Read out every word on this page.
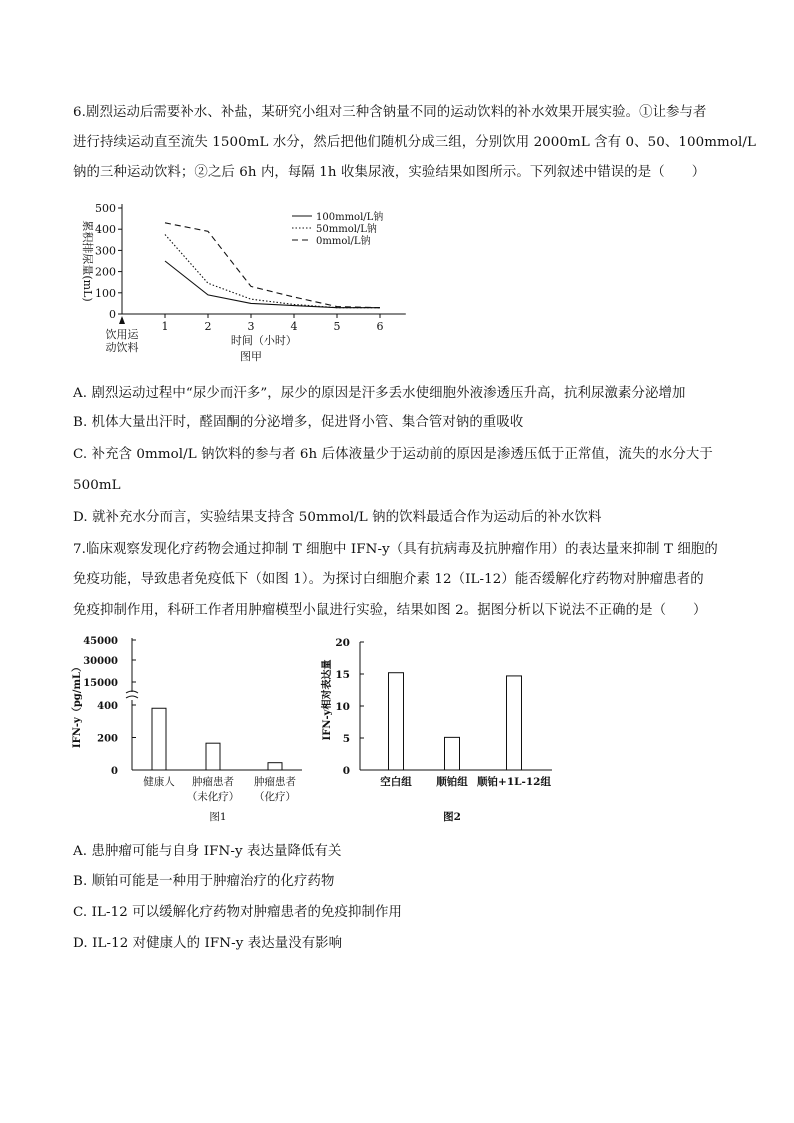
6.剧烈运动后需要补水、补盐，某研究小组对三种含钠量不同的运动饮料的补水效果开展实验。①让参与者
进行持续运动直至流失 1500mL 水分，然后把他们随机分成三组，分别饮用 2000mL 含有 0、50、100mmol/L
钠的三种运动饮料；②之后 6h 内，每隔 1h 收集尿液，实验结果如图所示。下列叙述中错误的是（　　）
0
100
200
300
400
500
1	2	3	4	5	6
饮用运
动饮料
时间（小时）
图甲
累积排尿量(mL)
100mmol/L钠
50mmol/L钠
0mmol/L钠
A. 剧烈运动过程中“尿少而汗多”，尿少的原因是汗多丢水使细胞外液渗透压升高，抗利尿激素分泌增加
B. 机体大量出汗时，醛固酮的分泌增多，促进肾小管、集合管对钠的重吸收
C. 补充含 0mmol/L 钠饮料的参与者 6h 后体液量少于运动前的原因是渗透压低于正常值，流失的水分大于
500mL
D. 就补充水分而言，实验结果支持含 50mmol/L 钠的饮料最适合作为运动后的补水饮料
7.临床观察发现化疗药物会通过抑制 T 细胞中 IFN-y（具有抗病毒及抗肿瘤作用）的表达量来抑制 T 细胞的
免疫功能，导致患者免疫低下（如图 1）。为探讨白细胞介素 12（IL-12）能否缓解化疗药物对肿瘤患者的
免疫抑制作用，科研工作者用肿瘤模型小鼠进行实验，结果如图 2。据图分析以下说法不正确的是（　　）
45000
30000
15000
400
200
0
IFN-y（pg/mL）
健康人 肿瘤患者
（未化疗）
肿瘤患者
（化疗）
图1
0
5
10
15
20
IFN-y相对表达量
空白组 顺铂组 顺铂+1L-12组
图2
A. 患肿瘤可能与自身 IFN-y 表达量降低有关
B. 顺铂可能是一种用于肿瘤治疗的化疗药物
C. IL-12 可以缓解化疗药物对肿瘤患者的免疫抑制作用
D. IL-12 对健康人的 IFN-y 表达量没有影响
